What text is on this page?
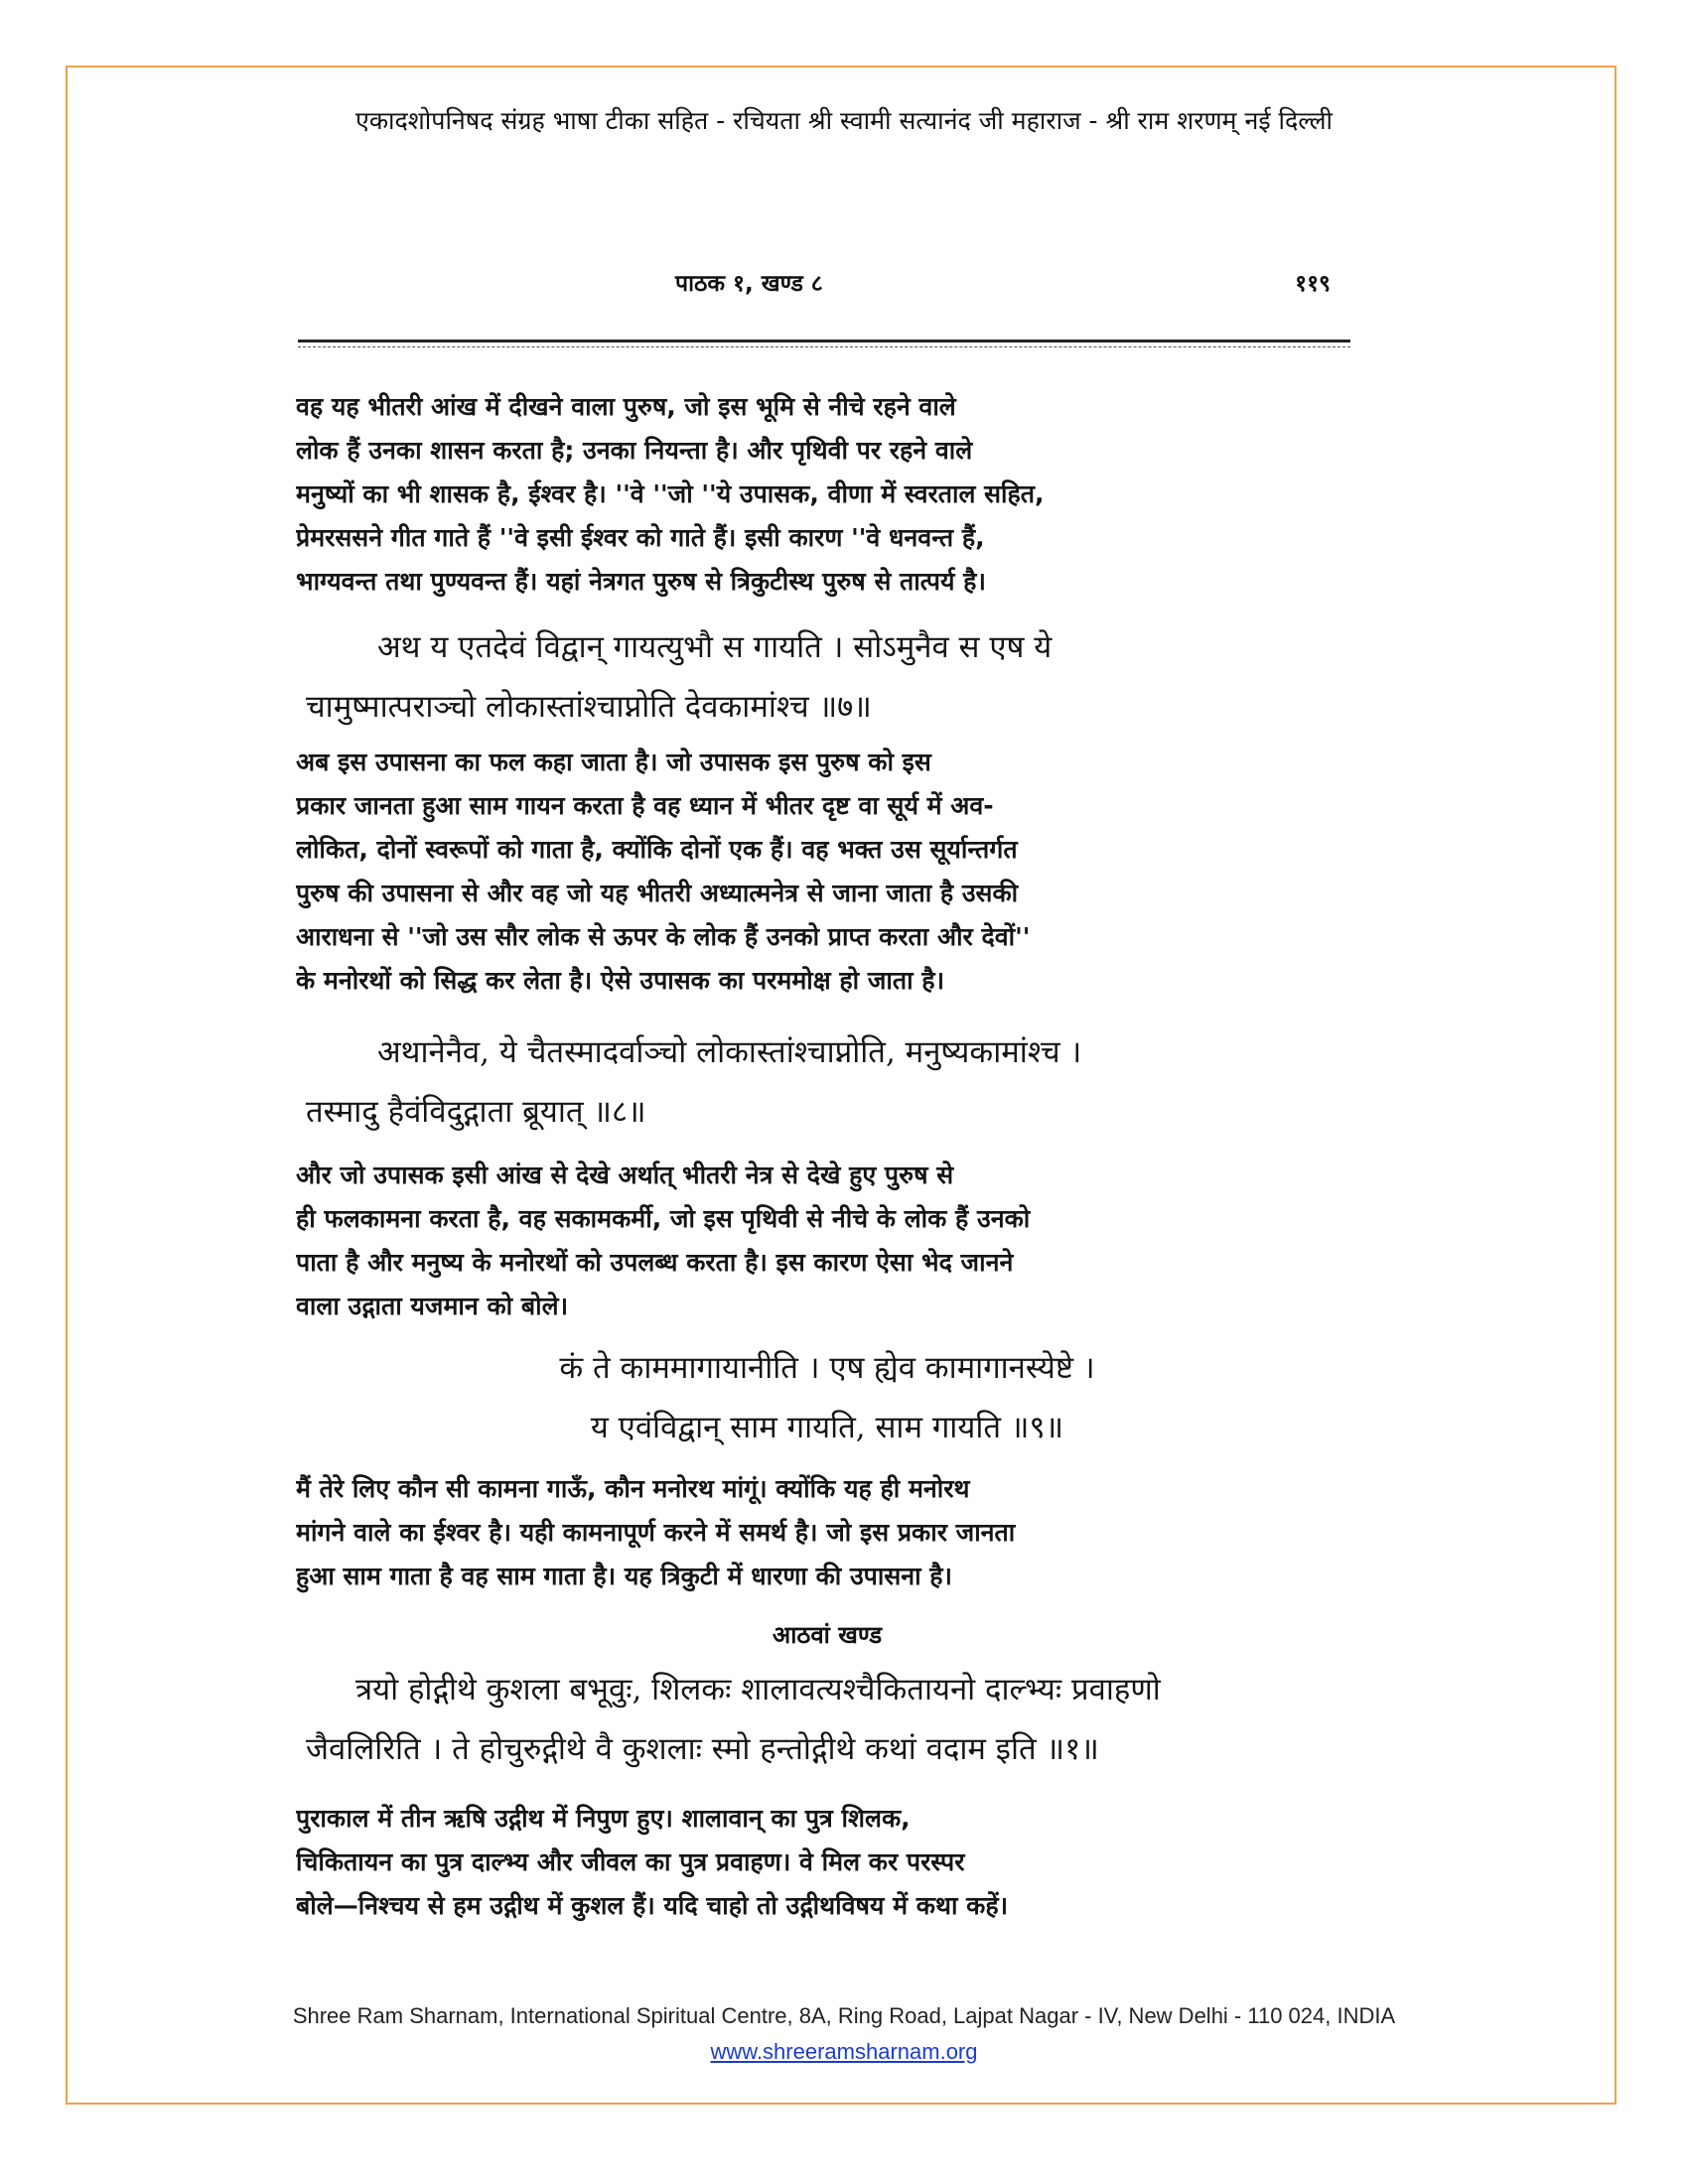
एकादशोपनिषद संग्रह भाषा टीका सहित - रचियता श्री स्वामी सत्यानंद जी महाराज - श्री राम शरणम् नई दिल्ली
पाठक १, खण्ड ८	११९
वह यह भीतरी आंख में दीखने वाला पुरुष, जो इस भूमि से नीचे रहने वाले
लोक हैं उनका शासन करता है; उनका नियन्ता है। और पृथिवी पर रहने वाले
मनुष्यों का भी शासक है, ईश्वर है। ''वे ''जो ''ये उपासक, वीणा में स्वरताल सहित,
प्रेमरससने गीत गाते हैं ''वे इसी ईश्वर को गाते हैं। इसी कारण ''वे धनवन्त हैं,
भाग्यवन्त तथा पुण्यवन्त हैं। यहां नेत्रगत पुरुष से त्रिकुटीस्थ पुरुष से तात्पर्य है।
अथ य एतदेवं विद्वान् गायत्युभौ स गायति । सोऽमुनैव स एष ये
चामुष्मात्पराञ्चो लोकास्तांश्चाप्नोति देवकामांश्च ॥७॥
अब इस उपासना का फल कहा जाता है। जो उपासक इस पुरुष को इस
प्रकार जानता हुआ साम गायन करता है वह ध्यान में भीतर दृष्ट वा सूर्य में अव-
लोकित, दोनों स्वरूपों को गाता है, क्योंकि दोनों एक हैं। वह भक्त उस सूर्यान्तर्गत
पुरुष की उपासना से और वह जो यह भीतरी अध्यात्मनेत्र से जाना जाता है उसकी
आराधना से ''जो उस सौर लोक से ऊपर के लोक हैं उनको प्राप्त करता और देवों''
के मनोरथों को सिद्ध कर लेता है। ऐसे उपासक का परममोक्ष हो जाता है।
अथानेनैव, ये चैतस्मादर्वाञ्चो लोकास्तांश्चाप्नोति, मनुष्यकामांश्च ।
तस्मादु हैवंविदुद्गाता ब्रूयात् ॥८॥
और जो उपासक इसी आंख से देखे अर्थात् भीतरी नेत्र से देखे हुए पुरुष से
ही फलकामना करता है, वह सकामकर्मी, जो इस पृथिवी से नीचे के लोक हैं उनको
पाता है और मनुष्य के मनोरथों को उपलब्ध करता है। इस कारण ऐसा भेद जानने
वाला उद्गाता यजमान को बोले।
कं ते काममागायानीति । एष ह्येव कामागानस्येष्टे ।
य एवंविद्वान् साम गायति, साम गायति ॥९॥
मैं तेरे लिए कौन सी कामना गाऊँ, कौन मनोरथ मांगूं। क्योंकि यह ही मनोरथ
मांगने वाले का ईश्वर है। यही कामनापूर्ण करने में समर्थ है। जो इस प्रकार जानता
हुआ साम गाता है वह साम गाता है। यह त्रिकुटी में धारणा की उपासना है।
आठवां खण्ड
त्रयो होद्गीथे कुशला बभूवुः, शिलकः शालावत्यश्चैकितायनो दाल्भ्यः प्रवाहणो
जैवलिरिति । ते होचुरुद्गीथे वै कुशलाः स्मो हन्तोद्गीथे कथां वदाम इति ॥१॥
पुराकाल में तीन ऋषि उद्गीथ में निपुण हुए। शालावान् का पुत्र शिलक,
चिकितायन का पुत्र दाल्भ्य और जीवल का पुत्र प्रवाहण। वे मिल कर परस्पर
बोले—निश्चय से हम उद्गीथ में कुशल हैं। यदि चाहो तो उद्गीथविषय में कथा कहें।
Shree Ram Sharnam, International Spiritual Centre, 8A, Ring Road, Lajpat Nagar - IV, New Delhi - 110 024, INDIA
www.shreeramsharnam.org
